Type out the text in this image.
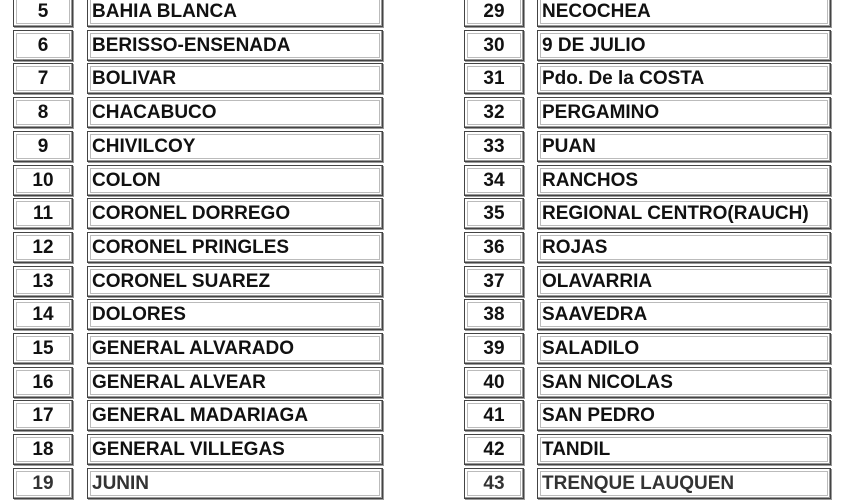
5	BAHIA BLANCA
6	BERISSO-ENSENADA
7	BOLIVAR
8	CHACABUCO
9	CHIVILCOY
10	COLON
11	CORONEL DORREGO
12	CORONEL PRINGLES
13	CORONEL SUAREZ
14	DOLORES
15	GENERAL ALVARADO
16	GENERAL ALVEAR
17	GENERAL MADARIAGA
18	GENERAL VILLEGAS
19	JUNIN
29	NECOCHEA
30	9 DE JULIO
31	Pdo. De la COSTA
32	PERGAMINO
33	PUAN
34	RANCHOS
35	REGIONAL CENTRO(RAUCH)
36	ROJAS
37	OLAVARRIA
38	SAAVEDRA
39	SALADILO
40	SAN NICOLAS
41	SAN PEDRO
42	TANDIL
43	TRENQUE LAUQUEN
